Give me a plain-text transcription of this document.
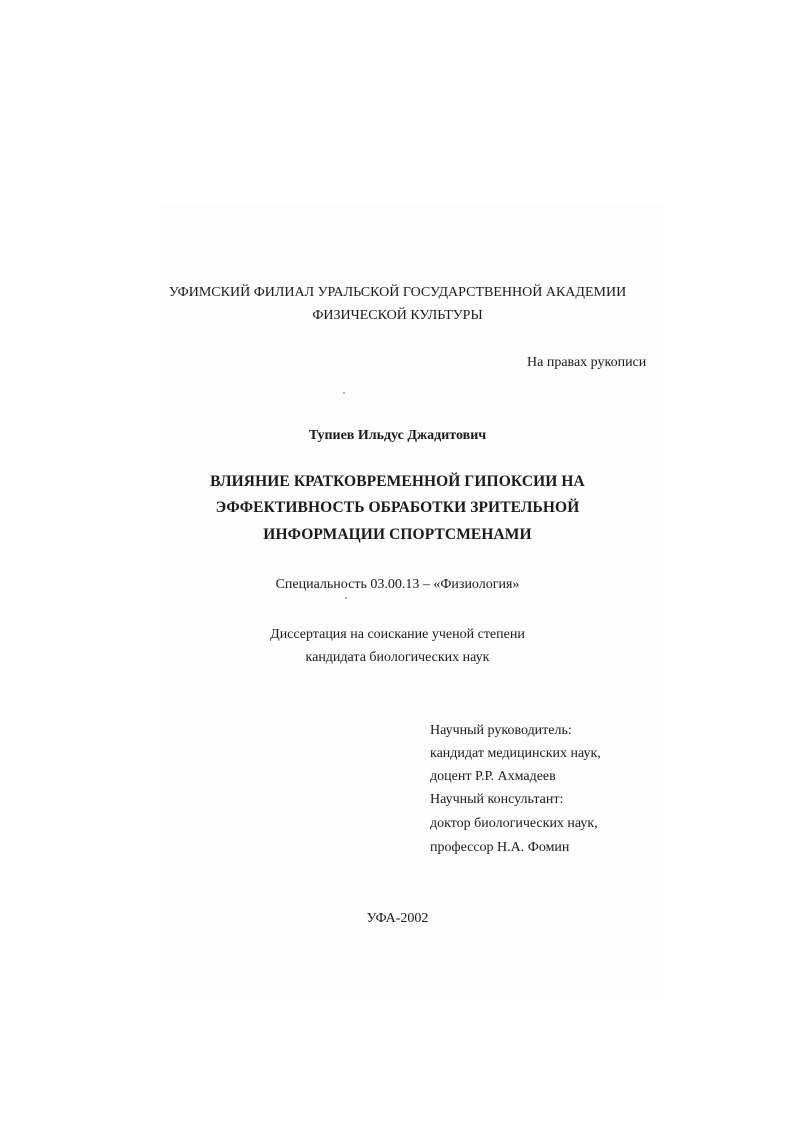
УФИМСКИЙ ФИЛИАЛ УРАЛЬСКОЙ ГОСУДАРСТВЕННОЙ АКАДЕМИИ
ФИЗИЧЕСКОЙ КУЛЬТУРЫ
На правах рукописи
Тупиев Ильдус Джадитович
ВЛИЯНИЕ КРАТКОВРЕМЕННОЙ ГИПОКСИИ НА
ЭФФЕКТИВНОСТЬ ОБРАБОТКИ ЗРИТЕЛЬНОЙ
ИНФОРМАЦИИ СПОРТСМЕНАМИ
Специальность 03.00.13 – «Физиология»
Диссертация на соискание ученой степени
кандидата биологических наук
Научный руководитель:
кандидат медицинских наук,
доцент Р.Р. Ахмадеев
Научный консультант:
доктор биологических наук,
профессор Н.А. Фомин
УФА-2002
